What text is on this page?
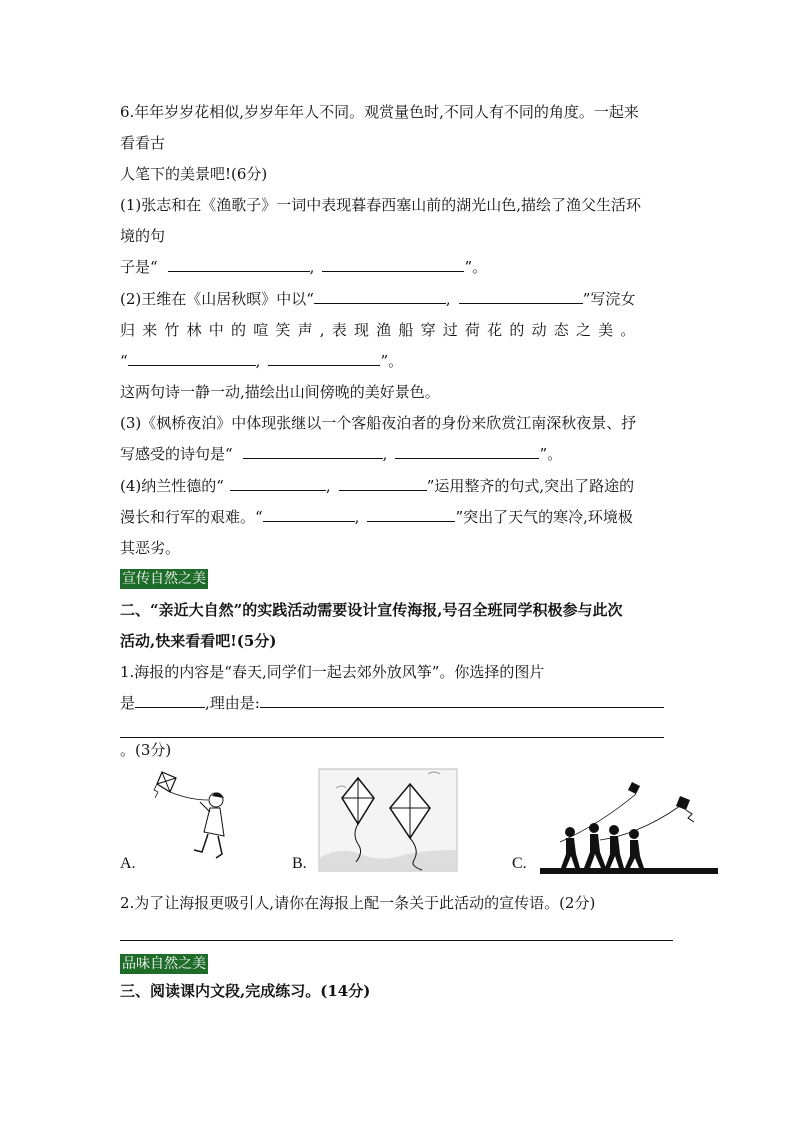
6.年年岁岁花相似,岁岁年年人不同。观赏量色时,不同人有不同的角度。一起来
看看古
人笔下的美景吧!(6分)
(1)张志和在《渔歌子》一词中表现暮春西塞山前的湖光山色,描绘了渔父生活环
境的句
子是“	,	”。
(2)王维在《山居秋暝》中以“	,	”写浣女
归来竹林中的喧笑声,表现渔船穿过荷花的动态之美。
“	,	”。
这两句诗一静一动,描绘出山间傍晚的美好景色。
(3)《枫桥夜泊》中体现张继以一个客船夜泊者的身份来欣赏江南深秋夜景、抒
写感受的诗句是“	,	”。
(4)纳兰性德的“	,	”运用整齐的句式,突出了路途的
漫长和行军的艰难。“	,	”突出了天气的寒冷,环境极
其恶劣。
宣传自然之美
二、“亲近大自然”的实践活动需要设计宣传海报,号召全班同学积极参与此次
活动,快来看看吧!(5分)
1.海报的内容是“春天,同学们一起去郊外放风筝”。你选择的图片
是	,理由是:
。(3分)
A.	B.	C.
2.为了让海报更吸引人,请你在海报上配一条关于此活动的宣传语。(2分)
品味自然之美
三、阅读课内文段,完成练习。(14分)
